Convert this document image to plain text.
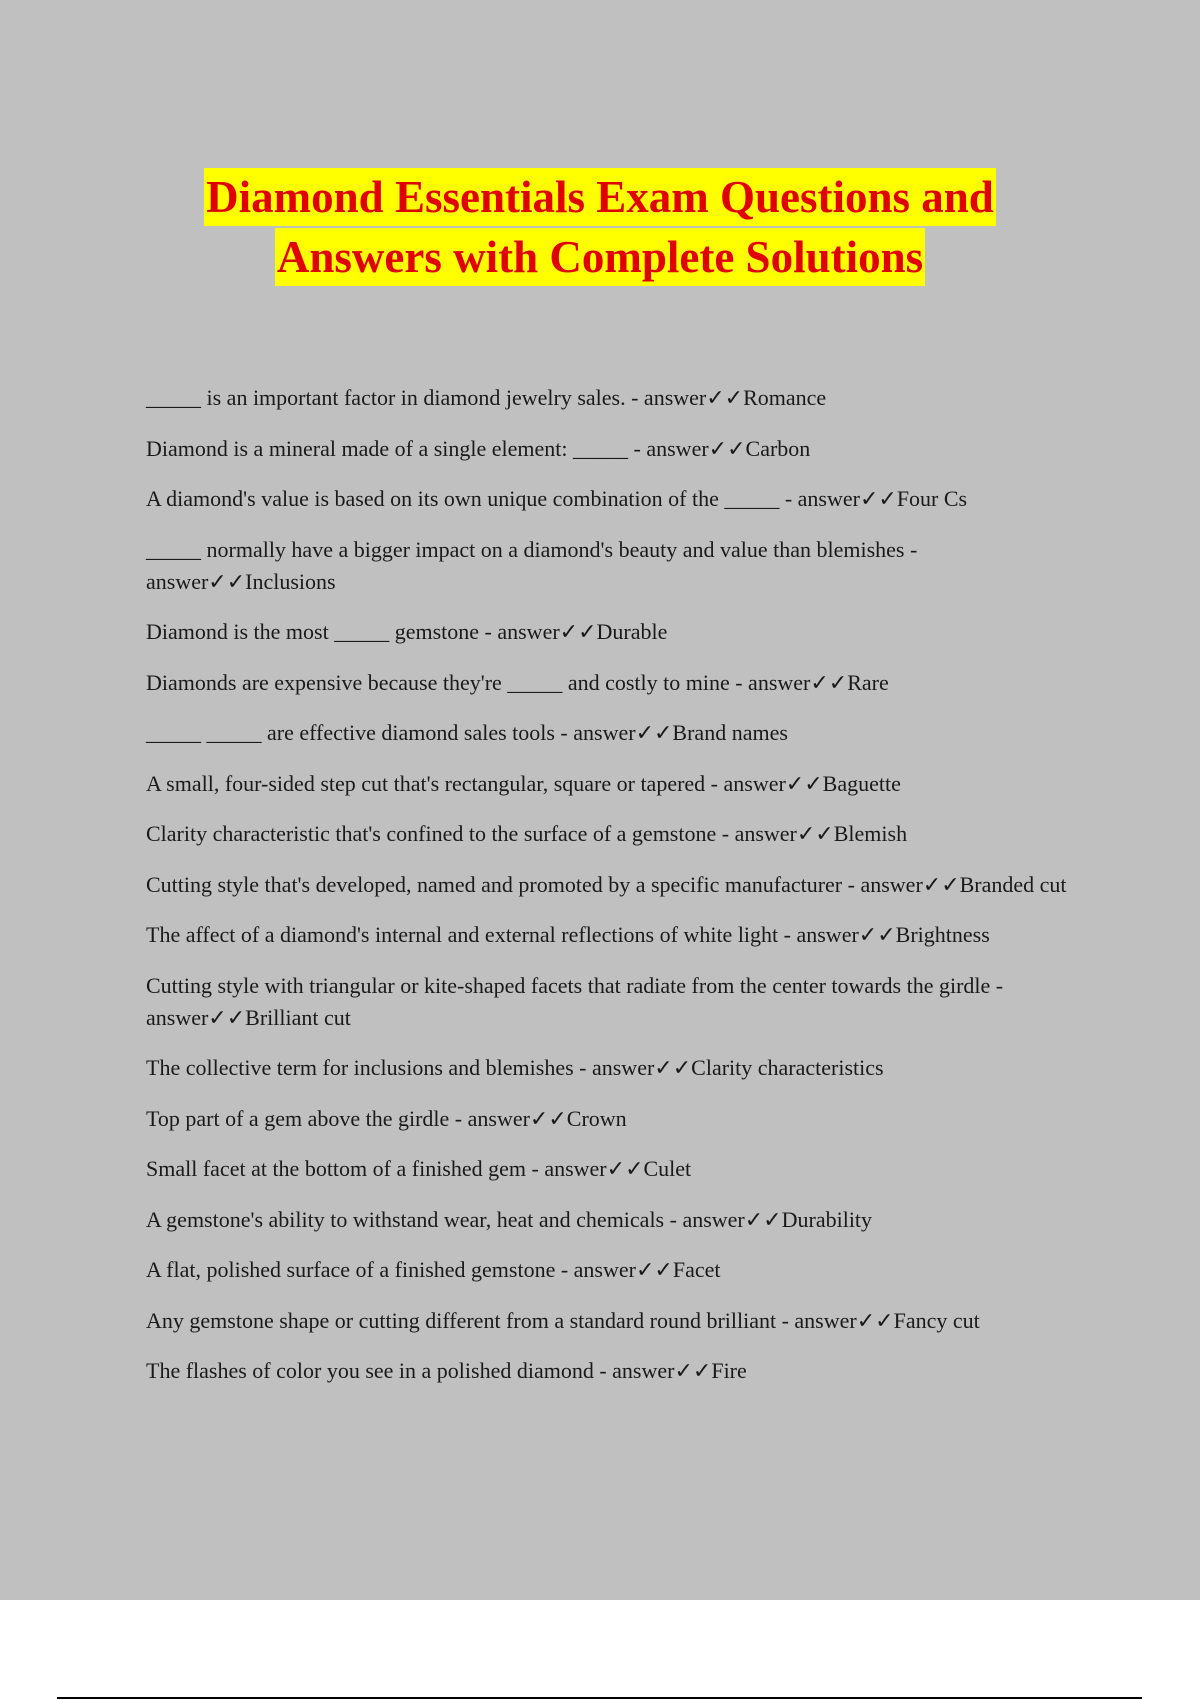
Diamond Essentials Exam Questions and
Answers with Complete Solutions
_____ is an important factor in diamond jewelry sales. - answer✓✓Romance
Diamond is a mineral made of a single element: _____ - answer✓✓Carbon
A diamond's value is based on its own unique combination of the _____ - answer✓✓Four Cs
_____ normally have a bigger impact on a diamond's beauty and value than blemishes - answer✓✓Inclusions
Diamond is the most _____ gemstone - answer✓✓Durable
Diamonds are expensive because they're _____ and costly to mine - answer✓✓Rare
_____ _____ are effective diamond sales tools - answer✓✓Brand names
A small, four-sided step cut that's rectangular, square or tapered - answer✓✓Baguette
Clarity characteristic that's confined to the surface of a gemstone - answer✓✓Blemish
Cutting style that's developed, named and promoted by a specific manufacturer - answer✓✓Branded cut
The affect of a diamond's internal and external reflections of white light - answer✓✓Brightness
Cutting style with triangular or kite-shaped facets that radiate from the center towards the girdle - answer✓✓Brilliant cut
The collective term for inclusions and blemishes - answer✓✓Clarity characteristics
Top part of a gem above the girdle - answer✓✓Crown
Small facet at the bottom of a finished gem - answer✓✓Culet
A gemstone's ability to withstand wear, heat and chemicals - answer✓✓Durability
A flat, polished surface of a finished gemstone - answer✓✓Facet
Any gemstone shape or cutting different from a standard round brilliant - answer✓✓Fancy cut
The flashes of color you see in a polished diamond - answer✓✓Fire
